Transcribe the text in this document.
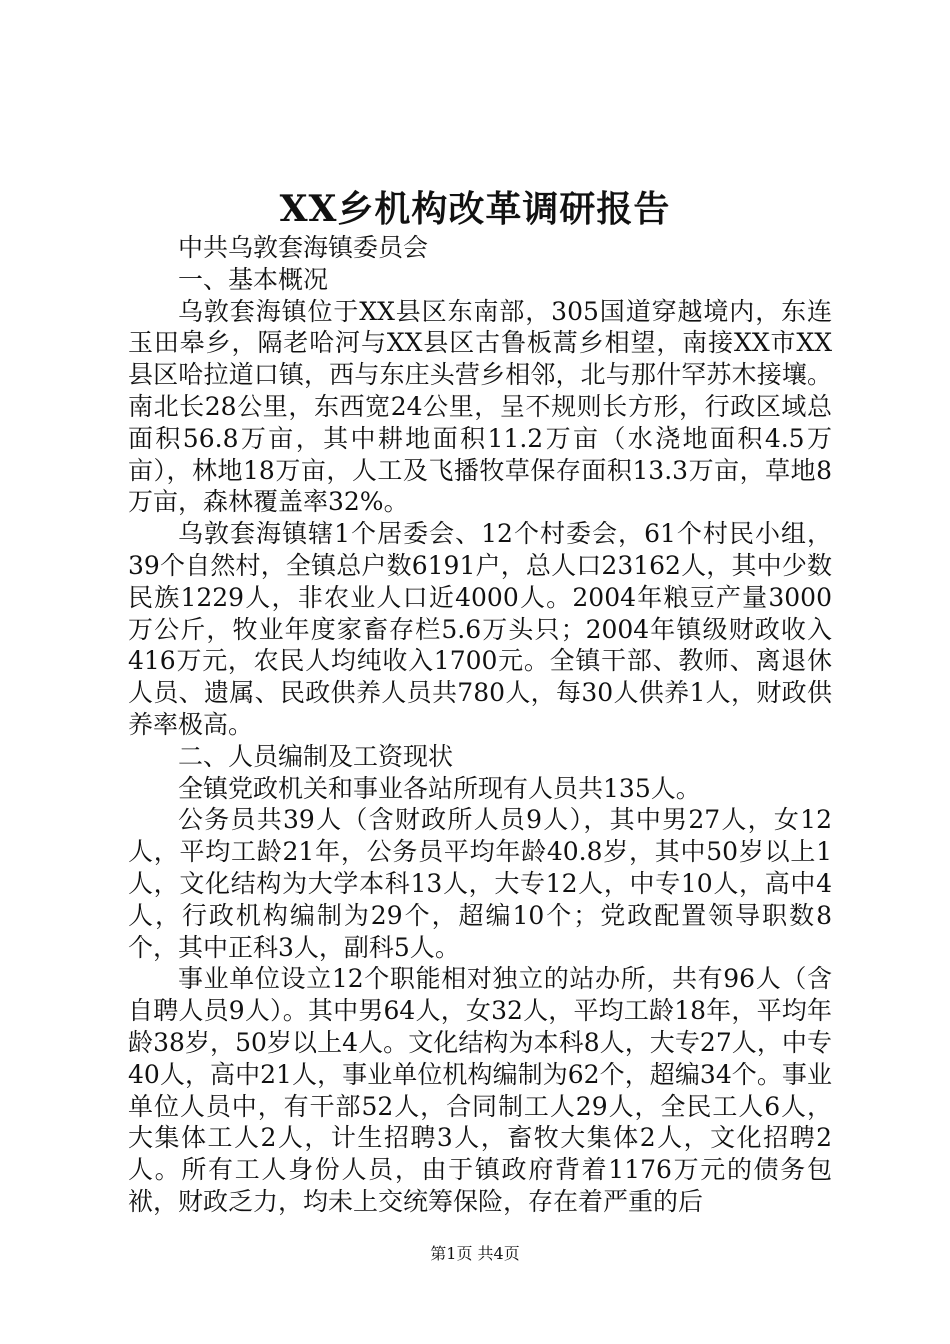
XX乡机构改革调研报告

中共乌敦套海镇委员会

一、基本概况

乌敦套海镇位于XX县区东南部，305国道穿越境内，东连玉田皋乡，隔老哈河与XX县区古鲁板蒿乡相望，南接XX市XX县区哈拉道口镇，西与东庄头营乡相邻，北与那什罕苏木接壤。南北长28公里，东西宽24公里，呈不规则长方形，行政区域总面积56.8万亩，其中耕地面积11.2万亩（水浇地面积4.5万亩），林地18万亩，人工及飞播牧草保存面积13.3万亩，草地8万亩，森林覆盖率32%。

乌敦套海镇辖1个居委会、12个村委会，61个村民小组，39个自然村，全镇总户数6191户，总人口23162人，其中少数民族1229人，非农业人口近4000人。2004年粮豆产量3000万公斤，牧业年度家畜存栏5.6万头只；2004年镇级财政收入416万元，农民人均纯收入1700元。全镇干部、教师、离退休人员、遗属、民政供养人员共780人，每30人供养1人，财政供养率极高。

二、人员编制及工资现状

全镇党政机关和事业各站所现有人员共135人。

公务员共39人（含财政所人员9人），其中男27人，女12人，平均工龄21年，公务员平均年龄40.8岁，其中50岁以上1人，文化结构为大学本科13人，大专12人，中专10人，高中4人，行政机构编制为29个，超编10个；党政配置领导职数8个，其中正科3人，副科5人。

事业单位设立12个职能相对独立的站办所，共有96人（含自聘人员9人）。其中男64人，女32人，平均工龄18年，平均年龄38岁，50岁以上4人。文化结构为本科8人，大专27人，中专40人，高中21人，事业单位机构编制为62个，超编34个。事业单位人员中，有干部52人，合同制工人29人，全民工人6人，大集体工人2人，计生招聘3人，畜牧大集体2人，文化招聘2人。所有工人身份人员，由于镇政府背着1176万元的债务包袱，财政乏力，均未上交统筹保险，存在着严重的后

第1页 共4页
